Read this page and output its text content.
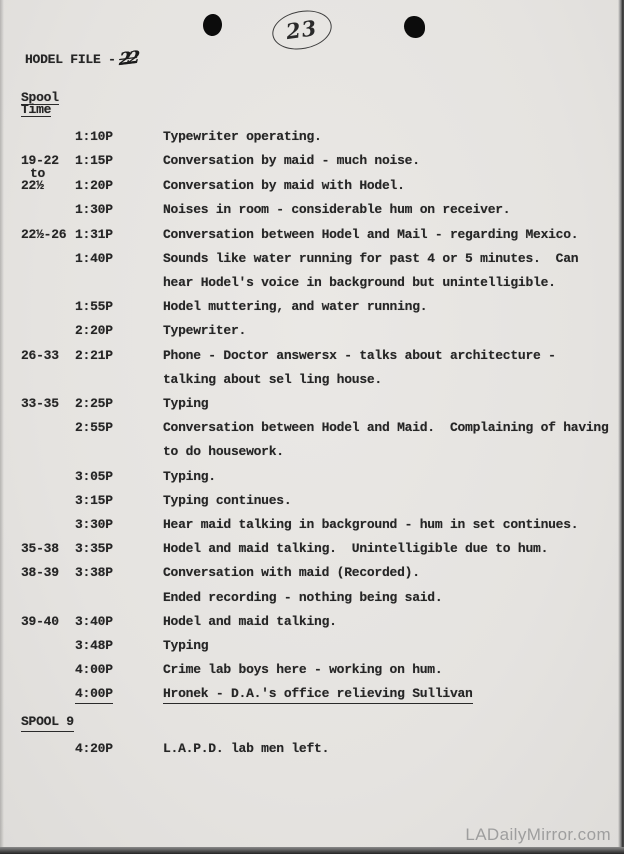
23
HODEL FILE - 22
Spool
Time
1:10P	Typewriter operating.
19-22 1:15P	Conversation by maid - much noise.
to
22½ 1:20P	Conversation by maid with Hodel.
1:30P	Noises in room - considerable hum on receiver.
22½-26 1:31P	Conversation between Hodel and Mail - regarding Mexico.
1:40P	Sounds like water running for past 4 or 5 minutes.  Can
hear Hodel's voice in background but unintelligible.
1:55P	Hodel muttering, and water running.
2:20P	Typewriter.
26-33 2:21P	Phone - Doctor answersx - talks about architecture -
talking about sel ling house.
33-35 2:25P	Typing
2:55P	Conversation between Hodel and Maid.  Complaining of having
to do housework.
3:05P	Typing.
3:15P	Typing continues.
3:30P	Hear maid talking in background - hum in set continues.
35-38 3:35P	Hodel and maid talking.  Unintelligible due to hum.
38-39 3:38P	Conversation with maid (Recorded).
Ended recording - nothing being said.
39-40 3:40P	Hodel and maid talking.
3:48P	Typing
4:00P	Crime lab boys here - working on hum.
4:00P	Hronek - D.A.'s office relieving Sullivan
SPOOL 9
4:20P	L.A.P.D. lab men left.
LADailyMirror.com
